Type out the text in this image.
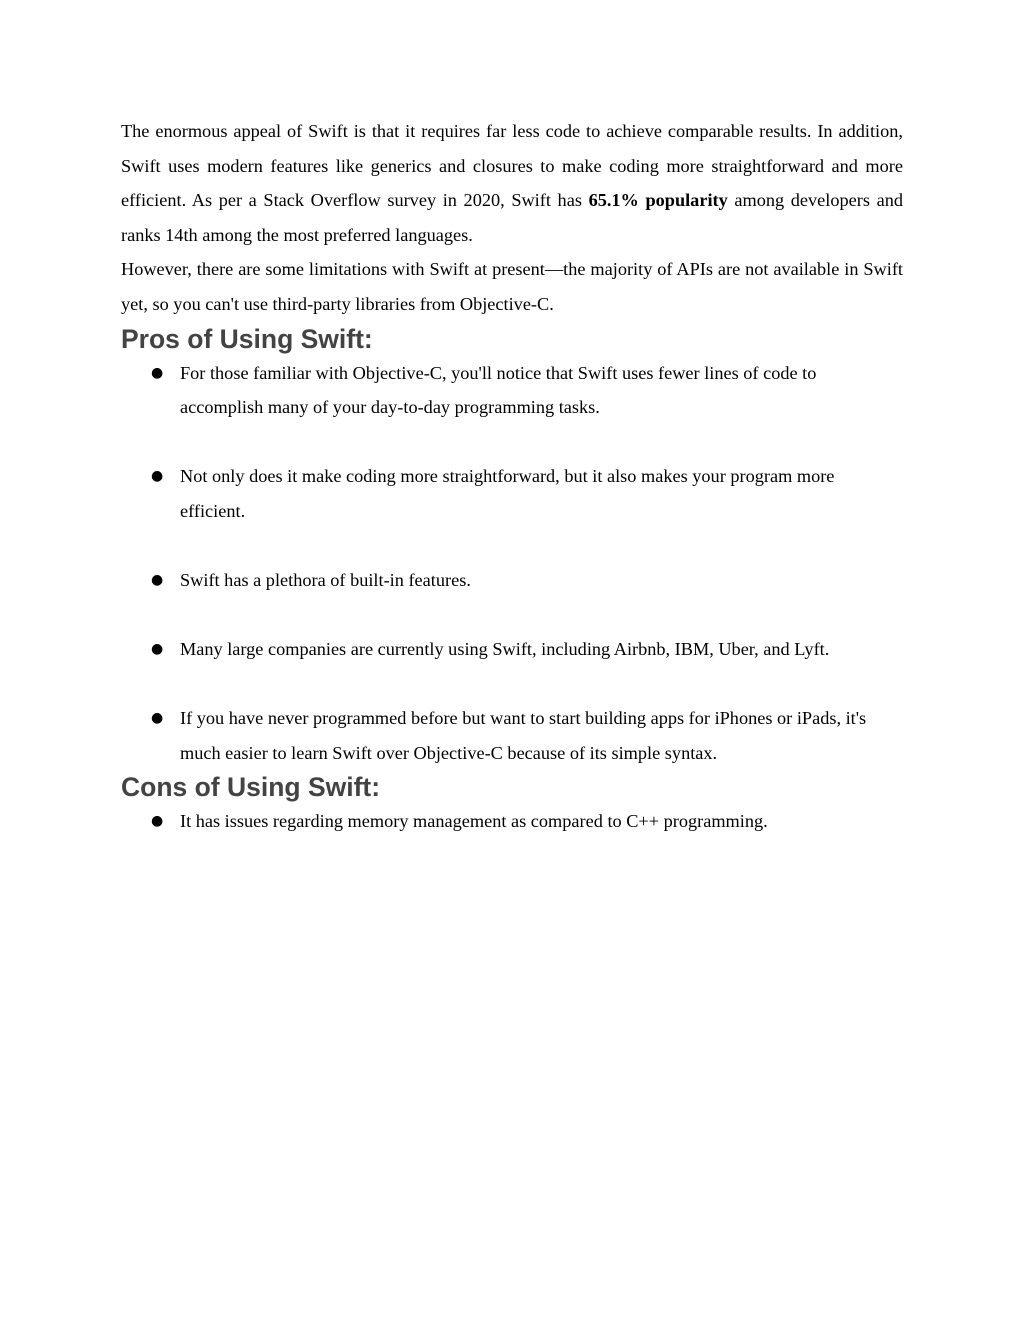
The enormous appeal of Swift is that it requires far less code to achieve comparable results. In addition, Swift uses modern features like generics and closures to make coding more straightforward and more efficient. As per a Stack Overflow survey in 2020, Swift has 65.1% popularity among developers and ranks 14th among the most preferred languages.

However, there are some limitations with Swift at present—the majority of APIs are not available in Swift yet, so you can't use third-party libraries from Objective-C.

Pros of Using Swift:
● For those familiar with Objective-C, you'll notice that Swift uses fewer lines of code to accomplish many of your day-to-day programming tasks.
● Not only does it make coding more straightforward, but it also makes your program more efficient.
● Swift has a plethora of built-in features.
● Many large companies are currently using Swift, including Airbnb, IBM, Uber, and Lyft.
● If you have never programmed before but want to start building apps for iPhones or iPads, it's much easier to learn Swift over Objective-C because of its simple syntax.
Cons of Using Swift:
● It has issues regarding memory management as compared to C++ programming.
